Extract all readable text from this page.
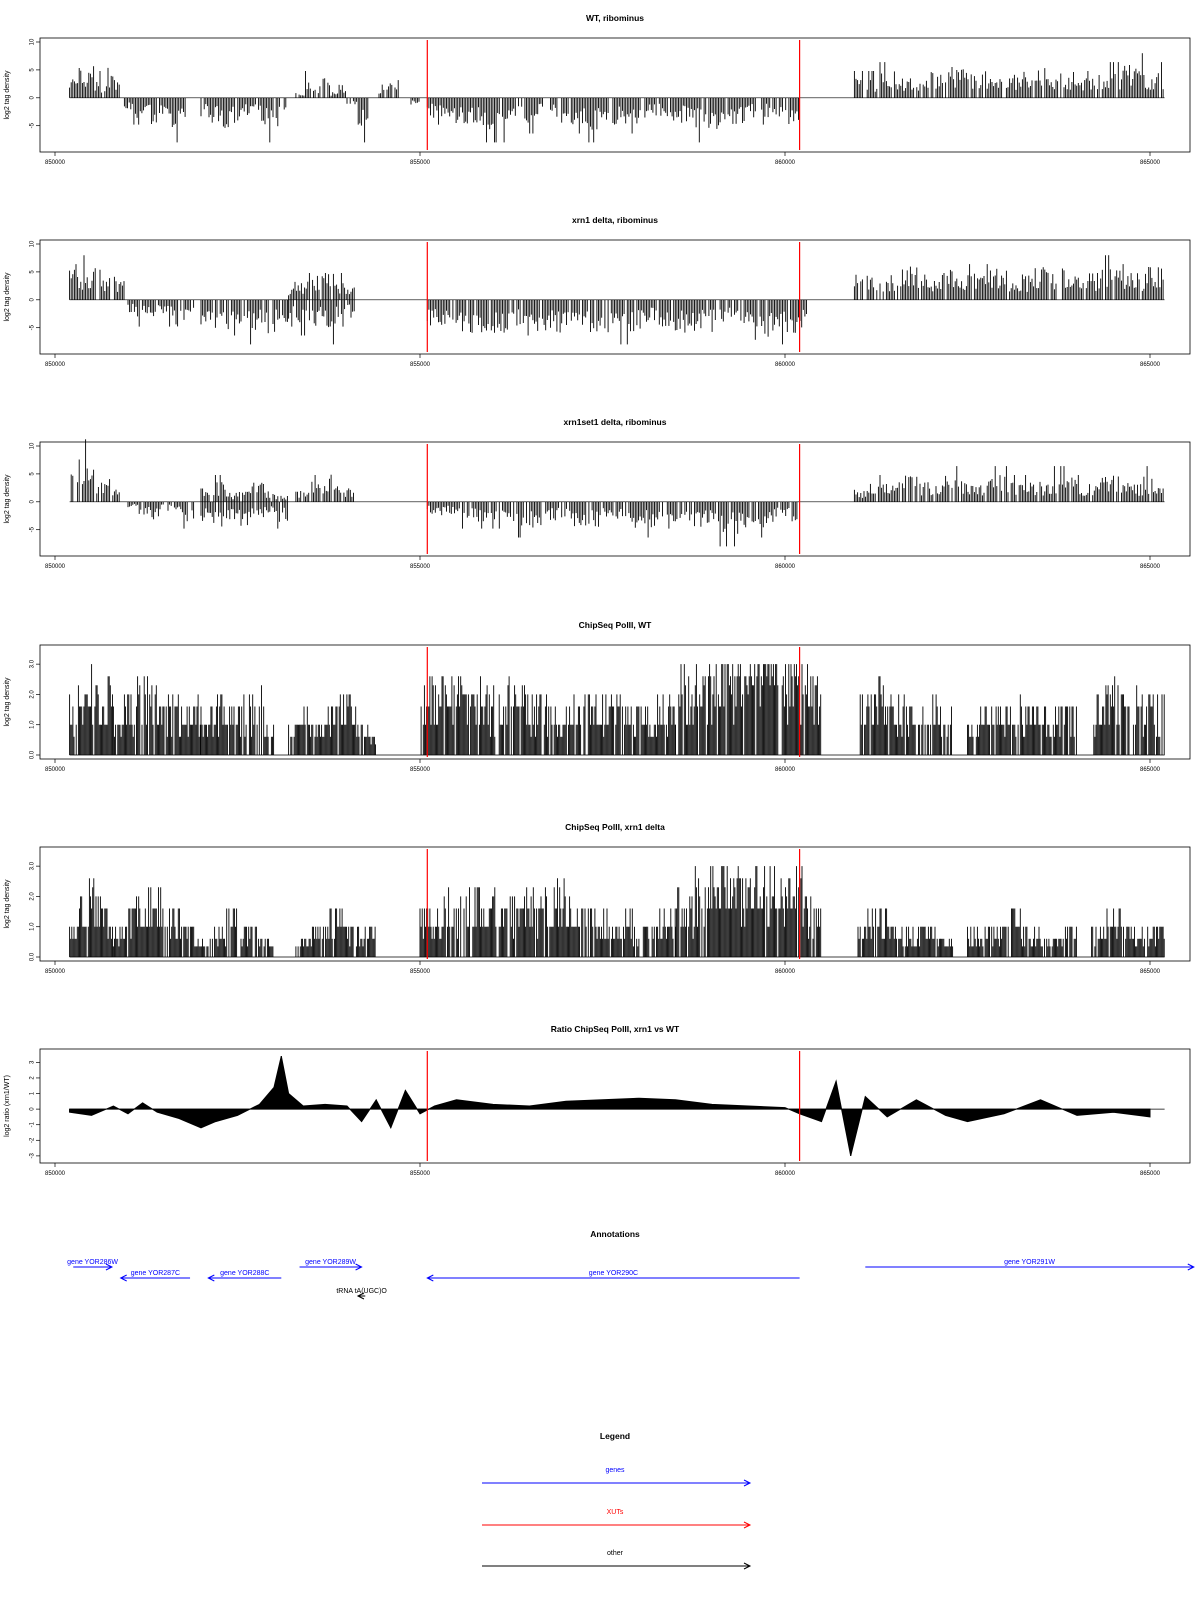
WT, ribominus
log2 tag density
10
5
0
-5
850000	855000	860000	865000
xrn1 delta, ribominus
log2 tag density
10
5
0
-5
850000	855000	860000	865000
xrn1set1 delta, ribominus
log2 tag density
10
5
0
-5
850000	855000	860000	865000
ChipSeq PolII, WT
log2 tag density
0.0
1.0
2.0
3.0
850000	855000	860000	865000
ChipSeq PolII, xrn1 delta
log2 tag density
0.0
1.0
2.0
3.0
850000	855000	860000	865000
Ratio ChipSeq PolII, xrn1 vs WT
log2 ratio (xrn1/WT)
3
2
1
0
-1
-2
-3
850000	855000	860000	865000
Annotations
gene YOR286W
gene YOR287C	gene YOR288C
gene YOR289W
tRNA tA(UGC)O
gene YOR290C
gene YOR291W
Legend
genes
XUTs
other
